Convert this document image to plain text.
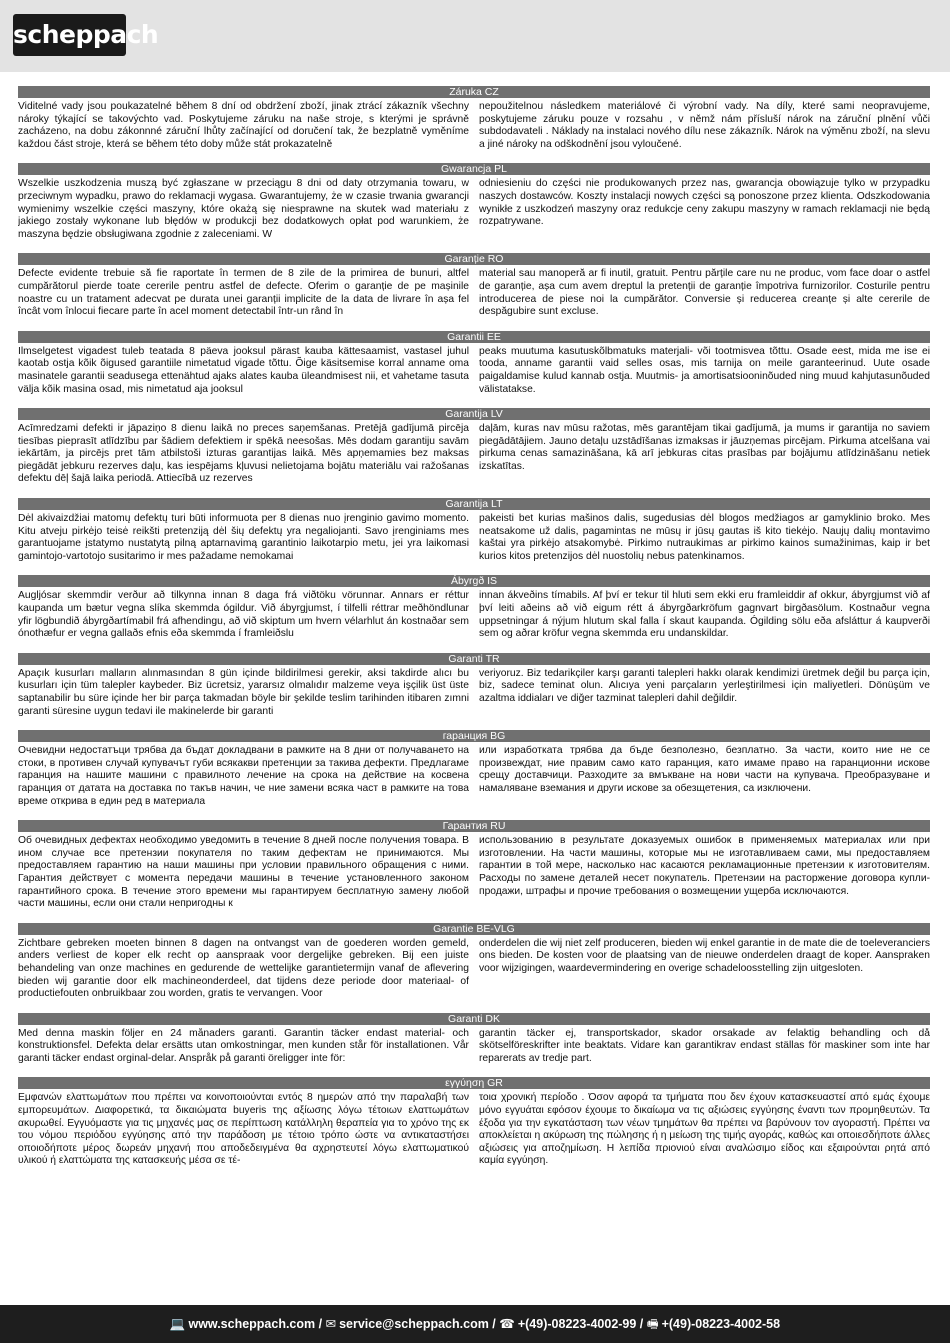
scheppach
Záruka CZ
Viditelné vady jsou poukazatelné během 8 dní od obdržení zboží, jinak ztrácí zákazník všechny nároky týkající se takovýchto vad. Poskytujeme záruku na naše stroje, s kterými je správně zacházeno, na dobu zákonnné záruční lhůty začínající od doručení tak, že bezplatně vyměníme každou část stroje, která se během této doby může stát prokazatelně
nepoužitelnou následkem materiálové či výrobní vady. Na díly, které sami neopravujeme, poskytujeme záruku pouze v rozsahu , v němž nám přísluší nárok na záruční plnění vůči subdodavateli . Náklady na instalaci nového dílu nese zákazník. Nárok na výměnu zboží, na slevu a jiné nároky na odškodnění jsou vyloučené.
Gwarancja PL
Wszelkie uszkodzenia muszą być zgłaszane w przeciągu 8 dni od daty otrzymania towaru, w przeciwnym wypadku, prawo do reklamacji wygasa. Gwarantujemy, że w czasie trwania gwarancji wymienimy wszelkie części maszyny, które okażą się niesprawne na skutek wad materiału z jakiego zostały wykonane lub błędów w produkcji bez dodatkowych opłat pod warunkiem, że maszyna będzie obsługiwana zgodnie z zaleceniami. W
odniesieniu do części nie produkowanych przez nas, gwarancja obowiązuje tylko w przypadku naszych dostawców. Koszty instalacji nowych części są ponoszone przez klienta. Odszkodowania wynikłe z uszkodzeń maszyny oraz redukcje ceny zakupu maszyny w ramach reklamacji nie będą rozpatrywane.
Garanție RO
Defecte evidente trebuie să fie raportate în termen de 8 zile de la primirea de bunuri, altfel cumpărătorul pierde toate cererile pentru astfel de defecte. Oferim o garanție de pe mașinile noastre cu un tratament adecvat pe durata unei garanții implicite de la data de livrare în așa fel încât vom înlocui fiecare parte în acel moment detectabil într-un rând în
material sau manoperă ar fi inutil, gratuit. Pentru părțile care nu ne produc, vom face doar o astfel de garanție, așa cum avem dreptul la pretenții de garanție împotriva furnizorilor. Costurile pentru introducerea de piese noi la cumpărător. Conversie și reducerea creanțe și alte cererile de despăgubire sunt excluse.
Garantii EE
Ilmselgetest vigadest tuleb teatada 8 päeva jooksul pärast kauba kättesaamist, vastasel juhul kaotab ostja kõik õigused garantiile nimetatud vigade tõttu. Õige käsitsemise korral anname oma masinatele garantii seadusega ettenähtud ajaks alates kauba üleandmisest nii, et vahetame tasuta välja kõik masina osad, mis nimetatud aja jooksul
peaks muutuma kasutuskõlbmatuks materjali- või tootmisvea tõttu. Osade eest, mida me ise ei tooda, anname garantii vaid selles osas, mis tarnija on meile garanteerinud. Uute osade paigaldamise kulud kannab ostja. Muutmis- ja amortisatsiooninõuded ning muud kahjutasunõuded välistatakse.
Garantija LV
Acīmredzami defekti ir jāpaziņo 8 dienu laikā no preces saņemšanas. Pretējā gadījumā pircēja tiesības pieprasīt atlīdzību par šādiem defektiem ir spēkā neesošas. Mēs dodam garantiju savām iekārtām, ja pircējs pret tām atbilstoši izturas garantijas laikā. Mēs apņemamies bez maksas piegādāt jebkuru rezerves daļu, kas iespējams kļuvusi nelietojama bojātu materiālu vai ražošanas defektu dēļ šajā laika periodā. Attiecībā uz rezerves
daļām, kuras nav mūsu ražotas, mēs garantējam tikai gadījumā, ja mums ir garantija no saviem piegādātājiem. Jauno detaļu uzstādīšanas izmaksas ir jāuzņemas pircējam. Pirkuma atcelšana vai pirkuma cenas samazināšana, kā arī jebkuras citas prasības par bojājumu atlīdzināšanu netiek izskatītas.
Garantija LT
Dėl akivaizdžiai matomų defektų turi būti informuota per 8 dienas nuo įrenginio gavimo momento. Kitu atveju pirkėjo teisė reikšti pretenziją dėl šių defektų yra negaliojanti. Savo įrenginiams mes garantuojame įstatymo nustatytą pilną aptarnavimą garantinio laikotarpio metu, jei yra laikomasi gamintojo-vartotojo susitarimo ir mes pažadame nemokamai
pakeisti bet kurias mašinos dalis, sugedusias dėl blogos medžiagos ar gamyklinio broko. Mes neatsakome už dalis, pagamintas ne mūsų ir jūsų gautas iš kito tiekėjo. Naujų dalių montavimo kaštai yra pirkėjo atsakomybė. Pirkimo nutraukimas ar pirkimo kainos sumažinimas, kaip ir bet kurios kitos pretenzijos dėl nuostolių nebus patenkinamos.
Ábyrgð IS
Augljósar skemmdir verður að tilkynna innan 8 daga frá viðtöku vörunnar. Annars er réttur kaupanda um bætur vegna slíka skemmda ógildur. Við ábyrgjumst, í tilfelli réttrar meðhöndlunar yfir lögbundið ábyrgðartímabil frá afhendingu, að við skiptum um hvern vélarhlut án kostnaðar sem ónothæfur er vegna gallaðs efnis eða skemmda í framleiðslu
innan ákveðins tímabils. Af því er tekur til hluti sem ekki eru framleiddir af okkur, ábyrgjumst við af því leiti aðeins að við eigum rétt á ábyrgðarkröfum gagnvart birgðasölum. Kostnaður vegna uppsetningar á nýjum hlutum skal falla í skaut kaupanda. Ógilding sölu eða afsláttur á kaupverði sem og aðrar kröfur vegna skemmda eru undanskildar.
Garanti TR
Apaçık kusurları malların alınmasından 8 gün içinde bildirilmesi gerekir, aksi takdirde alıcı bu kusurları için tüm talepler kaybeder. Biz ücretsiz, yararsız olmalıdır malzeme veya işçilik üst üste saptanabilir bu süre içinde her bir parça takmadan böyle bir şekilde teslim tarihinden itibaren zımni garanti süresine uygun tedavi ile makinelerde bir garanti
veriyoruz. Biz tedarikçiler karşı garanti talepleri hakkı olarak kendimizi üretmek değil bu parça için, biz, sadece teminat olun. Alıcıya yeni parçaların yerleştirilmesi için maliyetleri. Dönüşüm ve azaltma iddiaları ve diğer tazminat talepleri dahil değildir.
гаранция BG
Очевидни недостатъци трябва да бъдат докладвани в рамките на 8 дни от получаването на стоки, в противен случай купувачът губи всякакви претенции за такива дефекти. Предлагаме гаранция на нашите машини с правилното лечение на срока на действие на косвена гаранция от датата на доставка по такъв начин, че ние замени всяка част в рамките на това време открива в един ред в материала
или изработката трябва да бъде безполезно, безплатно. За части, които ние не се произвеждат, ние правим само като гаранция, като имаме право на гаранционни искове срещу доставчици. Разходите за вмъкване на нови части на купувача. Преобразуване и намаляване вземания и други искове за обезщетения, са изключени.
Гарантия RU
Об очевидных дефектах необходимо уведомить в течение 8 дней после получения товара. В ином случае все претензии покупателя по таким дефектам не принимаются. Мы предоставляем гарантию на наши машины при условии правильного обращения с ними. Гарантия действует с момента передачи машины в течение установленного законом гарантийного срока. В течение этого времени мы гарантируем бесплатную замену любой части машины, если они стали непригодны к
использованию в результате доказуемых ошибок в применяемых материалах или при изготовлении. На части машины, которые мы не изготавливаем сами, мы предоставляем гарантии в той мере, насколько нас касаются рекламационные претензии к изготовителям. Расходы по замене деталей несет покупатель. Претензии на расторжение договора купли-продажи, штрафы и прочие требования о возмещении ущерба исключаются.
Garantie BE-VLG
Zichtbare gebreken moeten binnen 8 dagen na ontvangst van de goederen worden gemeld, anders verliest de koper elk recht op aanspraak voor dergelijke gebreken. Bij een juiste behandeling van onze machines en gedurende de wettelijke garantietermijn vanaf de aflevering bieden wij garantie door elk machineonderdeel, dat tijdens deze periode door materiaal- of productiefouten onbruikbaar zou worden, gratis te vervangen. Voor
onderdelen die wij niet zelf produceren, bieden wij enkel garantie in de mate die de toeleveranciers ons bieden. De kosten voor de plaatsing van de nieuwe onderdelen draagt de koper. Aanspraken voor wijzigingen, waardevermindering en overige schadeloosstelling zijn uitgesloten.
Garanti DK
Med denna maskin följer en 24 månaders garanti. Garantin täcker endast material- och konstruktionsfel. Defekta delar ersätts utan omkostningar, men kunden står för installationen. Vår garanti täcker endast orginal-delar. Anspråk på garanti öreligger inte för:
garantin täcker ej, transportskador, skador orsakade av felaktig behandling och då skötselföreskrifter inte beaktats. Vidare kan garantikrav endast ställas för maskiner som inte har reparerats av tredje part.
εγγύηση GR
Εμφανών ελαττωμάτων που πρέπει να κοινοποιούνται εντός 8 ημερών από την παραλαβή των εμπορευμάτων. Διαφορετικά, τα δικαιώματα buyeris της αξίωσης λόγω τέτοιων ελαττωμάτων ακυρωθεί. Εγγυόμαστε για τις μηχανές μας σε περίπτωση κατάλληλη θεραπεία για το χρόνο της εκ του νόμου περιόδου εγγύησης από την παράδοση με τέτοιο τρόπο ώστε να αντικαταστήσει οποιοδήποτε μέρος δωρεάν μηχανή που αποδεδειγμένα θα αχρηστευτεί λόγω ελαττωματικού υλικού ή ελαττώματα της κατασκευής μέσα σε τέ-
τοια χρονική περίοδο . Όσον αφορά τα τμήματα που δεν έχουν κατασκευαστεί από εμάς έχουμε μόνο εγγυάται εφόσον έχουμε το δικαίωμα να τις αξιώσεις εγγύησης έναντι των προμηθευτών. Τα έξοδα για την εγκατάσταση των νέων τμημάτων θα πρέπει να βαρύνουν τον αγοραστή. Πρέπει να αποκλείεται η ακύρωση της πώλησης ή η μείωση της τιμής αγοράς, καθώς και οποιεσδήποτε άλλες αξιώσεις για αποζημίωση. Η λεπίδα πριονιού είναι αναλώσιμο είδος και εξαιρούνται ρητά από καμία εγγύηση.
💻 www.scheppach.com / ✉ service@scheppach.com / ☎ +(49)-08223-4002-99 / 🖷 +(49)-08223-4002-58
